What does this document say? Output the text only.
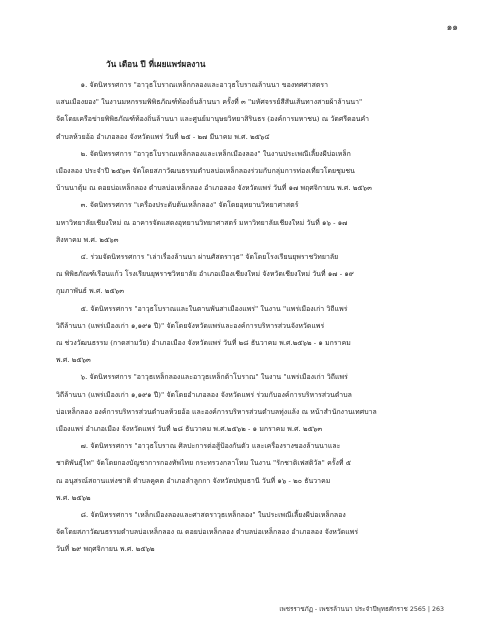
๑๑
วัน เดือน ปี ที่เผยแพร่ผลงาน
๑. จัดนิทรรศการ "อาวุธโบราณเหล็กกลองและอาวุธโบราณล้านนา ของทศศาสตรา
แสนเมืองยอง" ในงานมหกรรมพิพิธภัณฑ์ท้องถิ่นล้านนา ครั้งที่ ๓ "มหัศจรรย์สีสันเส้นทางสายผ้าล้านนา"
จัดโดยเครือข่ายพิพิธภัณฑ์ท้องถิ่นล้านนา และศูนย์มานุษยวิทยาสิรินธร (องค์การมหาชน) ณ วัดศรีดอนคำ
ตำบลห้วยอ้อ อำเภอลอง จังหวัดแพร่ วันที่ ๒๕ - ๒๗ มีนาคม พ.ศ. ๒๕๖๔
๒. จัดนิทรรศการ "อาวุธโบราณเหล็กลองและเหล็กเมืองลอง" ในงานประเพณีเลี้ยงผีบ่อเหล็ก
เมืองลอง ประจำปี ๒๕๖๓ จัดโดยสภาวัฒนธรรมตำบลบ่อเหล็กลองร่วมกับกลุ่มการท่องเที่ยวโดยชุมชน
บ้านนาตุ้ม ณ ดอยบ่อเหล็กลอง ตำบลบ่อเหล็กลอง อำเภอลอง จังหวัดแพร่ วันที่ ๑๗ พฤศจิกายน พ.ศ. ๒๕๖๓
๓. จัดนิทรรศการ "เครื่องประดับต้นเหล็กลอง" จัดโดยอุทยานวิทยาศาสตร์
มหาวิทยาลัยเชียงใหม่ ณ อาคารจัดแสดงอุทยานวิทยาศาสตร์ มหาวิทยาลัยเชียงใหม่ วันที่ ๑๖ - ๑๗
สิงหาคม พ.ศ. ๒๕๖๓
๔. ร่วมจัดนิทรรศการ "เล่าเรื่องล้านนา ผ่านศัสตราวุธ" จัดโดยโรงเรียนยุพราชวิทยาลัย
ณ พิพิธภัณฑ์เรือนแก้ว โรงเรียนยุพราชวิทยาลัย อำเภอเมืองเชียงใหม่ จังหวัดเชียงใหม่ วันที่ ๑๗ - ๑๙
กุมภาพันธ์ พ.ศ. ๒๕๖๓
๕. จัดนิทรรศการ "อาวุธโบราณและในตานพันสาเมืองแพร่" ในงาน "แพร่เมืองเก่า วิถีแพร่
วิถีล้านนา (แพร่เมืองเก่า ๑,๑๙๑ ปี)" จัดโดยจังหวัดแพร่และองค์การบริหารส่วนจังหวัดแพร่
ณ ช่วงวัฒนธรรม (กาดสามวัย) อำเภอเมือง จังหวัดแพร่ วันที่ ๒๘ ธันวาคม พ.ศ.๒๕๖๒ - ๑ มกราคม
พ.ศ. ๒๕๖๓
๖. จัดนิทรรศการ "อาวุธเหล็กลองและอาวุธเหล็กต้าโบราณ" ในงาน "แพร่เมืองเก่า วิถีแพร่
วิถีล้านนา (แพร่เมืองเก่า ๑,๑๙๑ ปี)" จัดโดยอำเภอลอง จังหวัดแพร่ ร่วมกับองค์การบริหารส่วนตำบล
บ่อเหล็กลอง องค์การบริหารส่วนตำบลห้วยอ้อ และองค์การบริหารส่วนตำบลทุ่งแล้ง ณ หน้าสำนักงานเทศบาล
เมืองแพร่ อำเภอเมือง จังหวัดแพร่ วันที่ ๒๘ ธันวาคม พ.ศ.๒๕๖๒ - ๑ มกราคม พ.ศ. ๒๕๖๓
๗. จัดนิทรรศการ "อาวุธโบราณ ศิลปะการต่อสู้ป้องกันตัว และเครื่องรางของล้านนาและ
ชาติพันธุ์ไท" จัดโดยกองบัญชาการกองทัพไทย กระทรวงกลาโหม ในงาน "รักชาติเฟสติวัล" ครั้งที่ ๕
ณ อนุสรณ์สถานแห่งชาติ ตำบลคูคต อำเภอลำลูกกา จังหวัดปทุมธานี วันที่ ๑๖ - ๒๐ ธันวาคม
พ.ศ. ๒๕๖๒
๘. จัดนิทรรศการ "เหล็กเมืองลองและศาสตราวุธเหล็กลอง" ในประเพณีเลี้ยงผีบ่อเหล็กลอง
จัดโดยสภาวัฒนธรรมตำบลบ่อเหล็กลอง ณ ดอยบ่อเหล็กลอง ตำบลบ่อเหล็กลอง อำเภอลอง จังหวัดแพร่
วันที่ ๒๙ พฤศจิกายน พ.ศ. ๒๕๖๒
เพชรราชภัฏ - เพชรล้านนา ประจำปีพุทธศักราช 2565 | 263
